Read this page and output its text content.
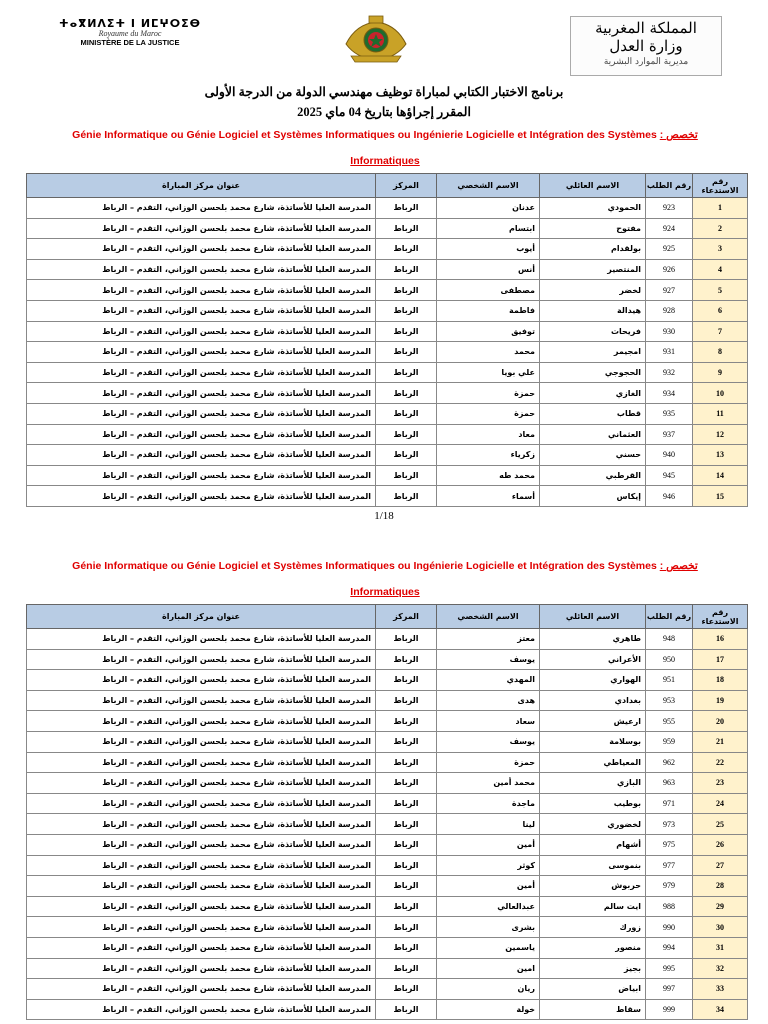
ⵜⴰⴳⵍⴷⵉⵜ ⵏ ⵍⵎⵖⵔⵉⴱ
Royaume du Maroc
MINISTÈRE DE LA JUSTICE
المملكة المغربية
وزارة العدل
مديرية الموارد البشرية
برنامج الاختبار الكتابي لمباراة توظيف مهندسي الدولة من الدرجة الأولى
المقرر إجراؤها بتاريخ 04 ماي 2025
Génie Informatique ou Génie Logiciel et Systèmes Informatiques ou Ingénierie Logicielle et Intégration des Systèmes : تخصص
Informatiques
عنوان مركز المباراة	المركز	الاسم الشخصي	الاسم العائلي	رقم الطلب	رقم الاستدعاء
المدرسة العليا للأساتذة، شارع محمد بلحسن الوزاني، التقدم – الرباط	الرباط	عدنان	الحمودي	923	1
المدرسة العليا للأساتذة، شارع محمد بلحسن الوزاني، التقدم – الرباط	الرباط	ابتسام	مفتوح	924	2
المدرسة العليا للأساتذة، شارع محمد بلحسن الوزاني، التقدم – الرباط	الرباط	أيوب	بولقدام	925	3
المدرسة العليا للأساتذة، شارع محمد بلحسن الوزاني، التقدم – الرباط	الرباط	أنس	المنتصير	926	4
المدرسة العليا للأساتذة، شارع محمد بلحسن الوزاني، التقدم – الرباط	الرباط	مصطفى	لخضر	927	5
المدرسة العليا للأساتذة، شارع محمد بلحسن الوزاني، التقدم – الرباط	الرباط	فاطمة	هيدالة	928	6
المدرسة العليا للأساتذة، شارع محمد بلحسن الوزاني، التقدم – الرباط	الرباط	توفيق	فريحات	930	7
المدرسة العليا للأساتذة، شارع محمد بلحسن الوزاني، التقدم – الرباط	الرباط	محمد	امجيمر	931	8
المدرسة العليا للأساتذة، شارع محمد بلحسن الوزاني، التقدم – الرباط	الرباط	علي بويا	الحجوجي	932	9
المدرسة العليا للأساتذة، شارع محمد بلحسن الوزاني، التقدم – الرباط	الرباط	حمزة	الغازي	934	10
المدرسة العليا للأساتذة، شارع محمد بلحسن الوزاني، التقدم – الرباط	الرباط	حمزة	قطاب	935	11
المدرسة العليا للأساتذة، شارع محمد بلحسن الوزاني، التقدم – الرباط	الرباط	معاد	العثماني	937	12
المدرسة العليا للأساتذة، شارع محمد بلحسن الوزاني، التقدم – الرباط	الرباط	زكرياء	حسني	940	13
المدرسة العليا للأساتذة، شارع محمد بلحسن الوزاني، التقدم – الرباط	الرباط	محمد طه	القرطبي	945	14
المدرسة العليا للأساتذة، شارع محمد بلحسن الوزاني، التقدم – الرباط	الرباط	أسماء	إيكاس	946	15
1/18
Génie Informatique ou Génie Logiciel et Systèmes Informatiques ou Ingénierie Logicielle et Intégration des Systèmes : تخصص
Informatiques
عنوان مركز المباراة	المركز	الاسم الشخصي	الاسم العائلي	رقم الطلب	رقم الاستدعاء
المدرسة العليا للأساتذة، شارع محمد بلحسن الوزاني، التقدم – الرباط	الرباط	معتز	طاهري	948	16
المدرسة العليا للأساتذة، شارع محمد بلحسن الوزاني، التقدم – الرباط	الرباط	يوسف	الأعراني	950	17
المدرسة العليا للأساتذة، شارع محمد بلحسن الوزاني، التقدم – الرباط	الرباط	المهدي	الهواري	951	18
المدرسة العليا للأساتذة، شارع محمد بلحسن الوزاني، التقدم – الرباط	الرباط	هدى	بغدادي	953	19
المدرسة العليا للأساتذة، شارع محمد بلحسن الوزاني، التقدم – الرباط	الرباط	سعاد	ارعيش	955	20
المدرسة العليا للأساتذة، شارع محمد بلحسن الوزاني، التقدم – الرباط	الرباط	يوسف	بوسلامة	959	21
المدرسة العليا للأساتذة، شارع محمد بلحسن الوزاني، التقدم – الرباط	الرباط	حمزة	المعياطي	962	22
المدرسة العليا للأساتذة، شارع محمد بلحسن الوزاني، التقدم – الرباط	الرباط	محمد أمين	البازي	963	23
المدرسة العليا للأساتذة، شارع محمد بلحسن الوزاني، التقدم – الرباط	الرباط	ماجدة	بوطيب	971	24
المدرسة العليا للأساتذة، شارع محمد بلحسن الوزاني، التقدم – الرباط	الرباط	لينا	لخضوري	973	25
المدرسة العليا للأساتذة، شارع محمد بلحسن الوزاني، التقدم – الرباط	الرباط	أمين	أشهام	975	26
المدرسة العليا للأساتذة، شارع محمد بلحسن الوزاني، التقدم – الرباط	الرباط	كوثر	بنموسى	977	27
المدرسة العليا للأساتذة، شارع محمد بلحسن الوزاني، التقدم – الرباط	الرباط	أمين	حربوش	979	28
المدرسة العليا للأساتذة، شارع محمد بلحسن الوزاني، التقدم – الرباط	الرباط	عبدالعالي	ايت سالم	988	29
المدرسة العليا للأساتذة، شارع محمد بلحسن الوزاني، التقدم – الرباط	الرباط	بشرى	زورك	990	30
المدرسة العليا للأساتذة، شارع محمد بلحسن الوزاني، التقدم – الرباط	الرباط	ياسمين	منصور	994	31
المدرسة العليا للأساتذة، شارع محمد بلحسن الوزاني، التقدم – الرباط	الرباط	امين	بجيز	995	32
المدرسة العليا للأساتذة، شارع محمد بلحسن الوزاني، التقدم – الرباط	الرباط	ريان	ابياض	997	33
المدرسة العليا للأساتذة، شارع محمد بلحسن الوزاني، التقدم – الرباط	الرباط	خولة	سقاط	999	34
